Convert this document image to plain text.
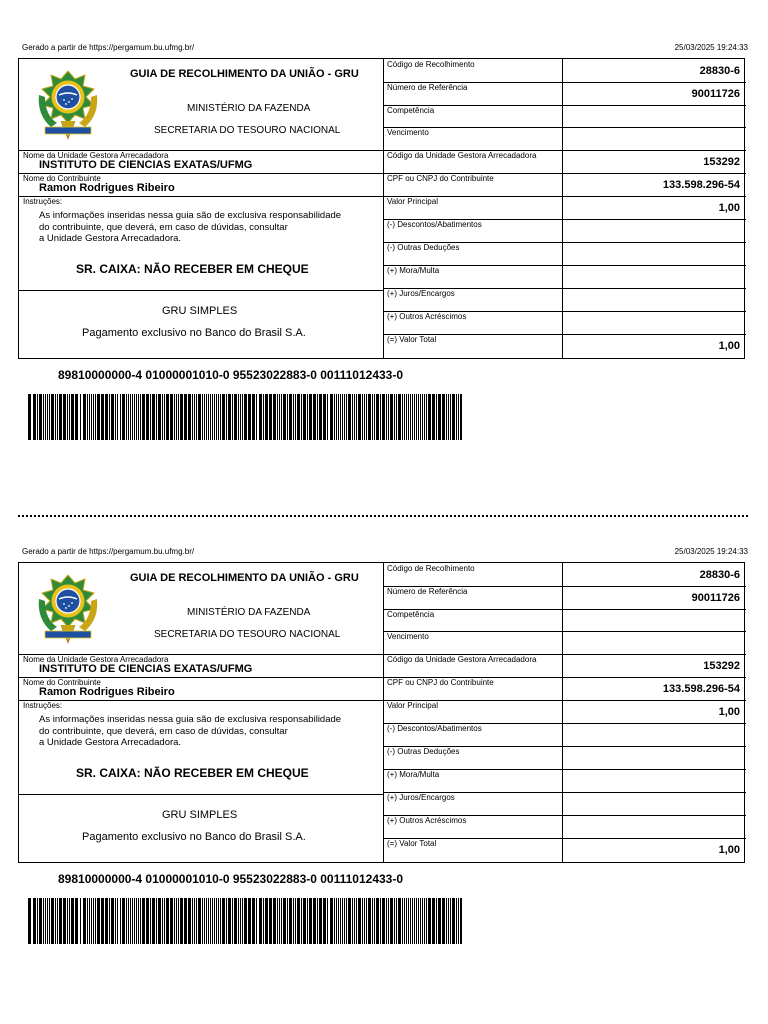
Gerado a partir de https://pergamum.bu.ufmg.br/	25/03/2025 19:24:33
GUIA DE RECOLHIMENTO DA UNIÃO - GRU
MINISTÉRIO DA FAZENDA
SECRETARIA DO TESOURO NACIONAL
Nome da Unidade Gestora Arrecadadora
INSTITUTO DE CIENCIAS EXATAS/UFMG
Nome do Contribuinte
Ramon Rodrigues Ribeiro
Instruções:
As informações inseridas nessa guia são de exclusiva responsabilidade
do contribuinte, que deverá, em caso de dúvidas, consultar
a Unidade Gestora Arrecadadora.
SR. CAIXA: NÃO RECEBER EM CHEQUE
GRU SIMPLES
Pagamento exclusivo no Banco do Brasil S.A.
Código de Recolhimento
28830-6
Número de Referência
90011726
Competência
Vencimento
Código da Unidade Gestora Arrecadadora
153292
CPF ou CNPJ do Contribuinte
133.598.296-54
Valor Principal
1,00
(-) Descontos/Abatimentos
(-) Outras Deduções
(+) Mora/Multa
(+) Juros/Encargos
(+) Outros Acréscimos
(=) Valor Total
1,00
89810000000-4 01000001010-0 95523022883-0 00111012433-0
Gerado a partir de https://pergamum.bu.ufmg.br/	25/03/2025 19:24:33
GUIA DE RECOLHIMENTO DA UNIÃO - GRU
MINISTÉRIO DA FAZENDA
SECRETARIA DO TESOURO NACIONAL
Nome da Unidade Gestora Arrecadadora
INSTITUTO DE CIENCIAS EXATAS/UFMG
Nome do Contribuinte
Ramon Rodrigues Ribeiro
Instruções:
As informações inseridas nessa guia são de exclusiva responsabilidade
do contribuinte, que deverá, em caso de dúvidas, consultar
a Unidade Gestora Arrecadadora.
SR. CAIXA: NÃO RECEBER EM CHEQUE
GRU SIMPLES
Pagamento exclusivo no Banco do Brasil S.A.
Código de Recolhimento
28830-6
Número de Referência
90011726
Competência
Vencimento
Código da Unidade Gestora Arrecadadora
153292
CPF ou CNPJ do Contribuinte
133.598.296-54
Valor Principal
1,00
(-) Descontos/Abatimentos
(-) Outras Deduções
(+) Mora/Multa
(+) Juros/Encargos
(+) Outros Acréscimos
(=) Valor Total
1,00
89810000000-4 01000001010-0 95523022883-0 00111012433-0
